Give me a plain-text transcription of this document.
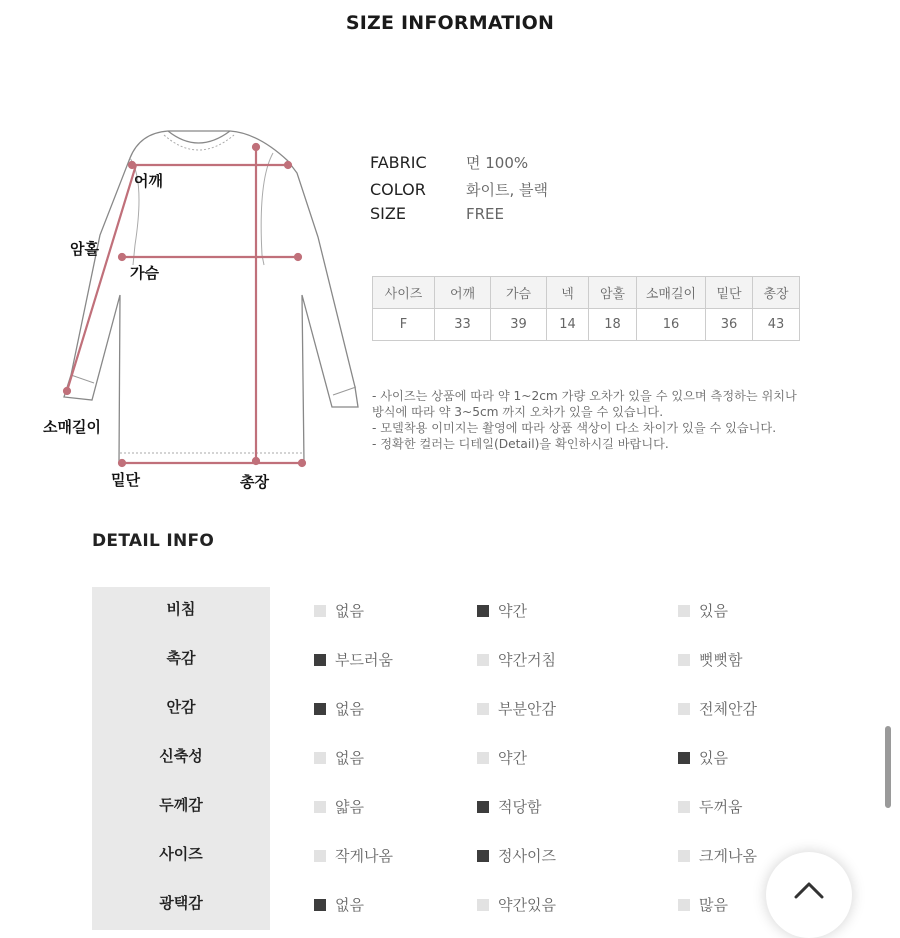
SIZE INFORMATION
어깨
암홀
가슴
소매길이
밑단	총장
FABRIC	면 100%
COLOR	화이트, 블랙
SIZE	FREE
사이즈	어깨	가슴	넥	암홀	소매길이	밑단	총장
F	33	39	14	18	16	36	43
- 사이즈는 상품에 따라 약 1~2cm 가량 오차가 있을 수 있으며 측정하는 위치나
방식에 따라 약 3~5cm 까지 오차가 있을 수 있습니다.
- 모델착용 이미지는 촬영에 따라 상품 색상이 다소 차이가 있을 수 있습니다.
- 정확한 컬러는 디테일(Detail)을 확인하시길 바랍니다.
DETAIL INFO
비침	없음	약간	있음
촉감	부드러움	약간거침	뻣뻣함
안감	없음	부분안감	전체안감
신축성	없음	약간	있음
두께감	얇음	적당함	두꺼움
사이즈	작게나옴	정사이즈	크게나옴
광택감	없음	약간있음	많음
